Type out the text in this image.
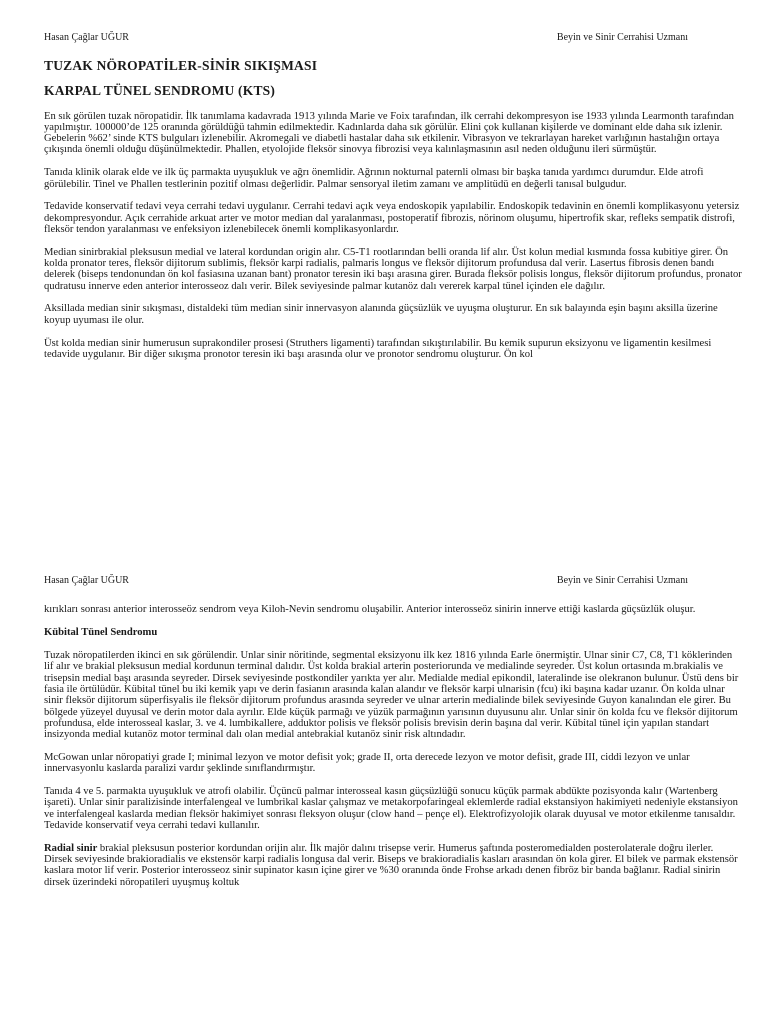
Hasan Çağlar UĞUR	Beyin ve Sinir Cerrahisi Uzmanı
TUZAK NÖROPATİLER-SİNİR SIKIŞMASI
KARPAL TÜNEL SENDROMU (KTS)

En sık görülen tuzak nöropatidir. İlk tanımlama kadavrada 1913 yılında Marie ve Foix tarafından, ilk cerrahi dekompresyon ise 1933 yılında Learmonth tarafından yapılmıştır. 100000’de 125 oranında görüldüğü tahmin edilmektedir. Kadınlarda daha sık görülür. Elini çok kullanan kişilerde ve dominant elde daha sık izlenir. Gebelerin %62’ sinde KTS bulguları izlenebilir. Akromegali ve diabetli hastalar daha sık etkilenir. Vibrasyon ve tekrarlayan hareket varlığının hastalığın ortaya çıkışında önemli olduğu düşünülmektedir. Phallen, etyolojide fleksör sinovya fibrozisi veya kalınlaşmasının asıl neden olduğunu ileri sürmüştür.

Tanıda klinik olarak elde ve ilk üç parmakta uyuşukluk ve ağrı önemlidir. Ağrının nokturnal paternli olması bir başka tanıda yardımcı durumdur. Elde atrofi görülebilir. Tinel ve Phallen testlerinin pozitif olması değerlidir. Palmar sensoryal iletim zamanı ve amplitüdü en değerli tanısal bulgudur.

Tedavide konservatif tedavi veya cerrahi tedavi uygulanır. Cerrahi tedavi açık veya endoskopik yapılabilir. Endoskopik tedavinin en önemli komplikasyonu yetersiz dekompresyondur. Açık cerrahide arkuat arter ve motor median dal yaralanması, postoperatif fibrozis, nörinom oluşumu, hipertrofik skar, refleks sempatik distrofi, fleksör tendon yaralanması ve enfeksiyon izlenebilecek önemli komplikasyonlardır.

Median sinirbrakial pleksusun medial ve lateral kordundan origin alır. C5-T1 rootlarından belli oranda lif alır. Üst kolun medial kısmında fossa kubitiye girer. Ön kolda pronator teres, fleksör dijitorum sublimis, fleksör karpi radialis, palmaris longus ve fleksör dijitorum profundusa dal verir. Lasertus fibrosis denen bandı delerek (biseps tendonundan ön kol fasiasına uzanan bant) pronator teresin iki başı arasına girer. Burada fleksör polisis longus, fleksör dijitorum profundus, pronator qudratusu innerve eden anterior interosseoz dalı verir. Bilek seviyesinde palmar kutanöz dalı vererek karpal tünel içinden ele dağılır.

Aksillada median sinir sıkışması, distaldeki tüm median sinir innervasyon alanında güçsüzlük ve uyuşma oluşturur. En sık balayında eşin başını aksilla üzerine koyup uyuması ile olur.

Üst kolda median sinir humerusun suprakondiler prosesi (Struthers ligamenti) tarafından sıkıştırılabilir. Bu kemik supurun eksizyonu ve ligamentin kesilmesi tedavide uygulanır. Bir diğer sıkışma pronotor teresin iki başı arasında olur ve pronotor sendromu oluşturur. Ön kol

Hasan Çağlar UĞUR	Beyin ve Sinir Cerrahisi Uzmanı

kırıkları sonrası anterior interosseöz sendrom veya Kiloh-Nevin sendromu oluşabilir. Anterior interosseöz sinirin innerve ettiği kaslarda güçsüzlük oluşur.

Kübital Tünel Sendromu

Tuzak nöropatilerden ikinci en sık görülendir. Unlar sinir nöritinde, segmental eksizyonu ilk kez 1816 yılında Earle önermiştir. Ulnar sinir C7, C8, T1 köklerinden lif alır ve brakial pleksusun medial kordunun terminal dalıdır. Üst kolda brakial arterin posteriorunda ve medialinde seyreder. Üst kolun ortasında m.brakialis ve trisepsin medial başı arasında seyreder. Dirsek seviyesinde postkondiler yarıkta yer alır. Medialde medial epikondil, lateralinde ise olekranon bulunur. Üstü dens bir fasia ile örtülüdür. Kübital tünel bu iki kemik yapı ve derin fasianın arasında kalan alandır ve fleksör karpi ulnarisin (fcu) iki başına kadar uzanır. Ön kolda ulnar sinir fleksör dijitorum süperfisyalis ile fleksör dijitorum profundus arasında seyreder ve ulnar arterin medialinde bilek seviyesinde Guyon kanalından ele girer. Bu bölgede yüzeyel duyusal ve derin motor dala ayrılır. Elde küçük parmağı ve yüzük parmağının yarısının duyusunu alır. Unlar sinir ön kolda fcu ve fleksör dijitorum profundusa, elde interosseal kaslar, 3. ve 4. lumbikallere, adduktor polisis ve fleksör polisis brevisin derin başına dal verir. Kübital tünel için yapılan standart insizyonda medial kutanöz motor terminal dalı olan medial antebrakial kutanöz sinir risk altındadır.

McGowan unlar nöropatiyi grade I; minimal lezyon ve motor defisit yok; grade II, orta derecede lezyon ve motor defisit, grade III, ciddi lezyon ve unlar innervasyonlu kaslarda paralizi vardır şeklinde sınıflandırmıştır.

Tanıda 4 ve 5. parmakta uyuşukluk ve atrofi olabilir. Üçüncü palmar interosseal kasın güçsüzlüğü sonucu küçük parmak abdükte pozisyonda kalır (Wartenberg işareti). Unlar sinir paralizisinde interfalengeal ve lumbrikal kaslar çalışmaz ve metakorpofaringeal eklemlerde radial ekstansiyon hakimiyeti nedeniyle ekstansiyon ve interfalengeal kaslarda median fleksör hakimiyet sonrası fleksyon oluşur (clow hand – pençe el). Elektrofizyolojik olarak duyusal ve motor etkilenme tanısaldır. Tedavide konservatif veya cerrahi tedavi kullanılır.

Radial sinir brakial pleksusun posterior kordundan orijin alır. İlk majör dalını trisepse verir. Humerus şaftında posteromedialden posterolaterale doğru ilerler. Dirsek seviyesinde brakioradialis ve ekstensör karpi radialis longusa dal verir. Biseps ve brakioradialis kasları arasından ön kola girer. El bilek ve parmak ekstensör kaslara motor lif verir. Posterior interosseoz sinir supinator kasın içine girer ve %30 oranında önde Frohse arkadı denen fibröz bir banda bağlanır. Radial sinirin dirsek üzerindeki nöropatileri uyuşmuş koltuk
